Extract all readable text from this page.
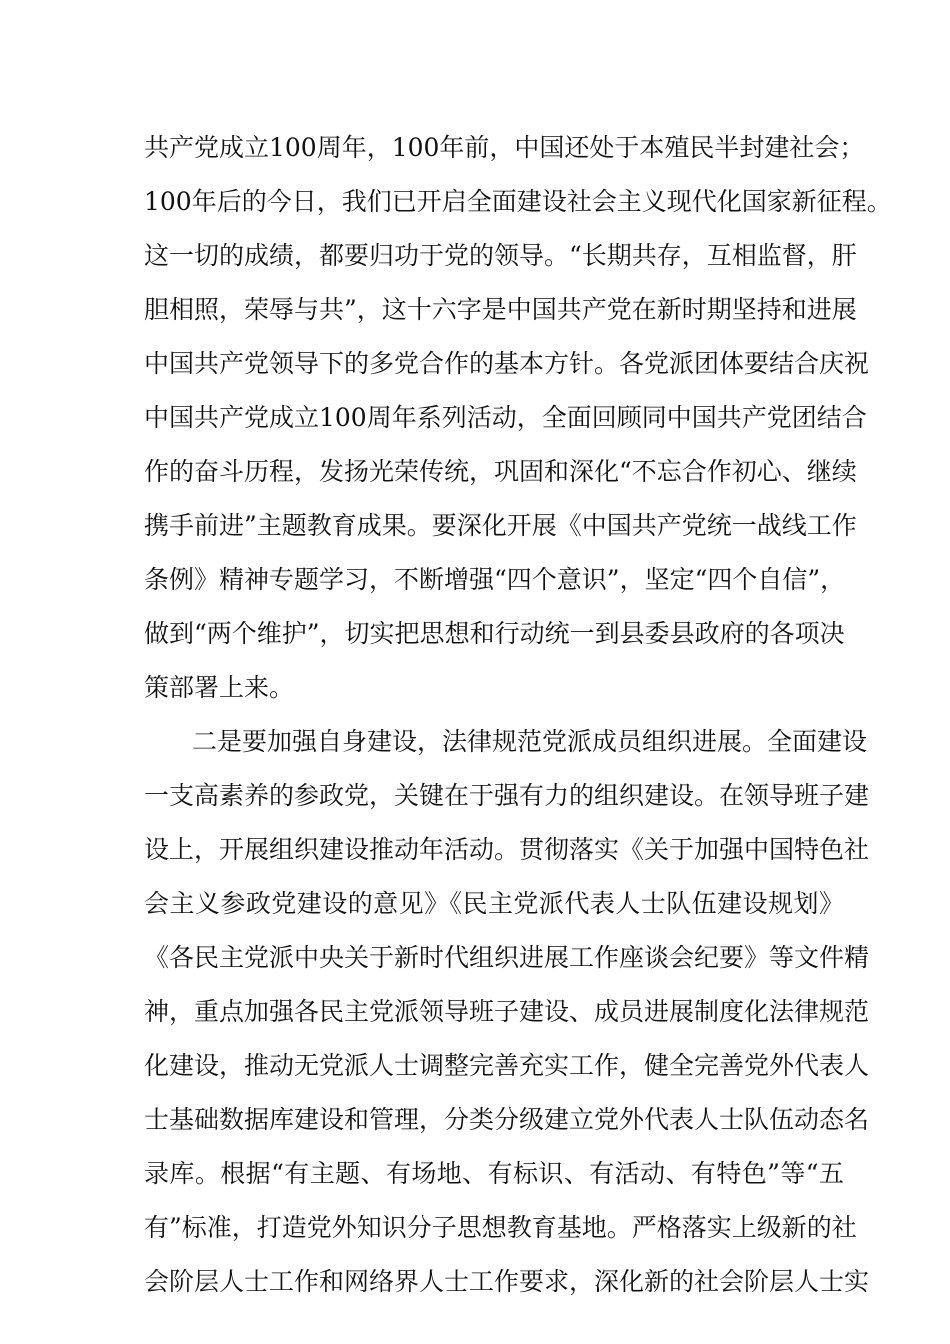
共产党成立100周年，100年前，中国还处于本殖民半封建社会；
100年后的今日，我们已开启全面建设社会主义现代化国家新征程。
这一切的成绩，都要归功于党的领导。“长期共存，互相监督，肝
胆相照，荣辱与共”，这十六字是中国共产党在新时期坚持和进展
中国共产党领导下的多党合作的基本方针。各党派团体要结合庆祝
中国共产党成立100周年系列活动，全面回顾同中国共产党团结合
作的奋斗历程，发扬光荣传统，巩固和深化“不忘合作初心、继续
携手前进”主题教育成果。要深化开展《中国共产党统一战线工作
条例》精神专题学习，不断增强“四个意识”，坚定“四个自信”，
做到“两个维护”，切实把思想和行动统一到县委县政府的各项决
策部署上来。
二是要加强自身建设，法律规范党派成员组织进展。全面建设
一支高素养的参政党，关键在于强有力的组织建设。在领导班子建
设上，开展组织建设推动年活动。贯彻落实《关于加强中国特色社
会主义参政党建设的意见》《民主党派代表人士队伍建设规划》
《各民主党派中央关于新时代组织进展工作座谈会纪要》等文件精
神，重点加强各民主党派领导班子建设、成员进展制度化法律规范
化建设，推动无党派人士调整完善充实工作，健全完善党外代表人
士基础数据库建设和管理，分类分级建立党外代表人士队伍动态名
录库。根据“有主题、有场地、有标识、有活动、有特色”等“五
有”标准，打造党外知识分子思想教育基地。严格落实上级新的社
会阶层人士工作和网络界人士工作要求，深化新的社会阶层人士实
